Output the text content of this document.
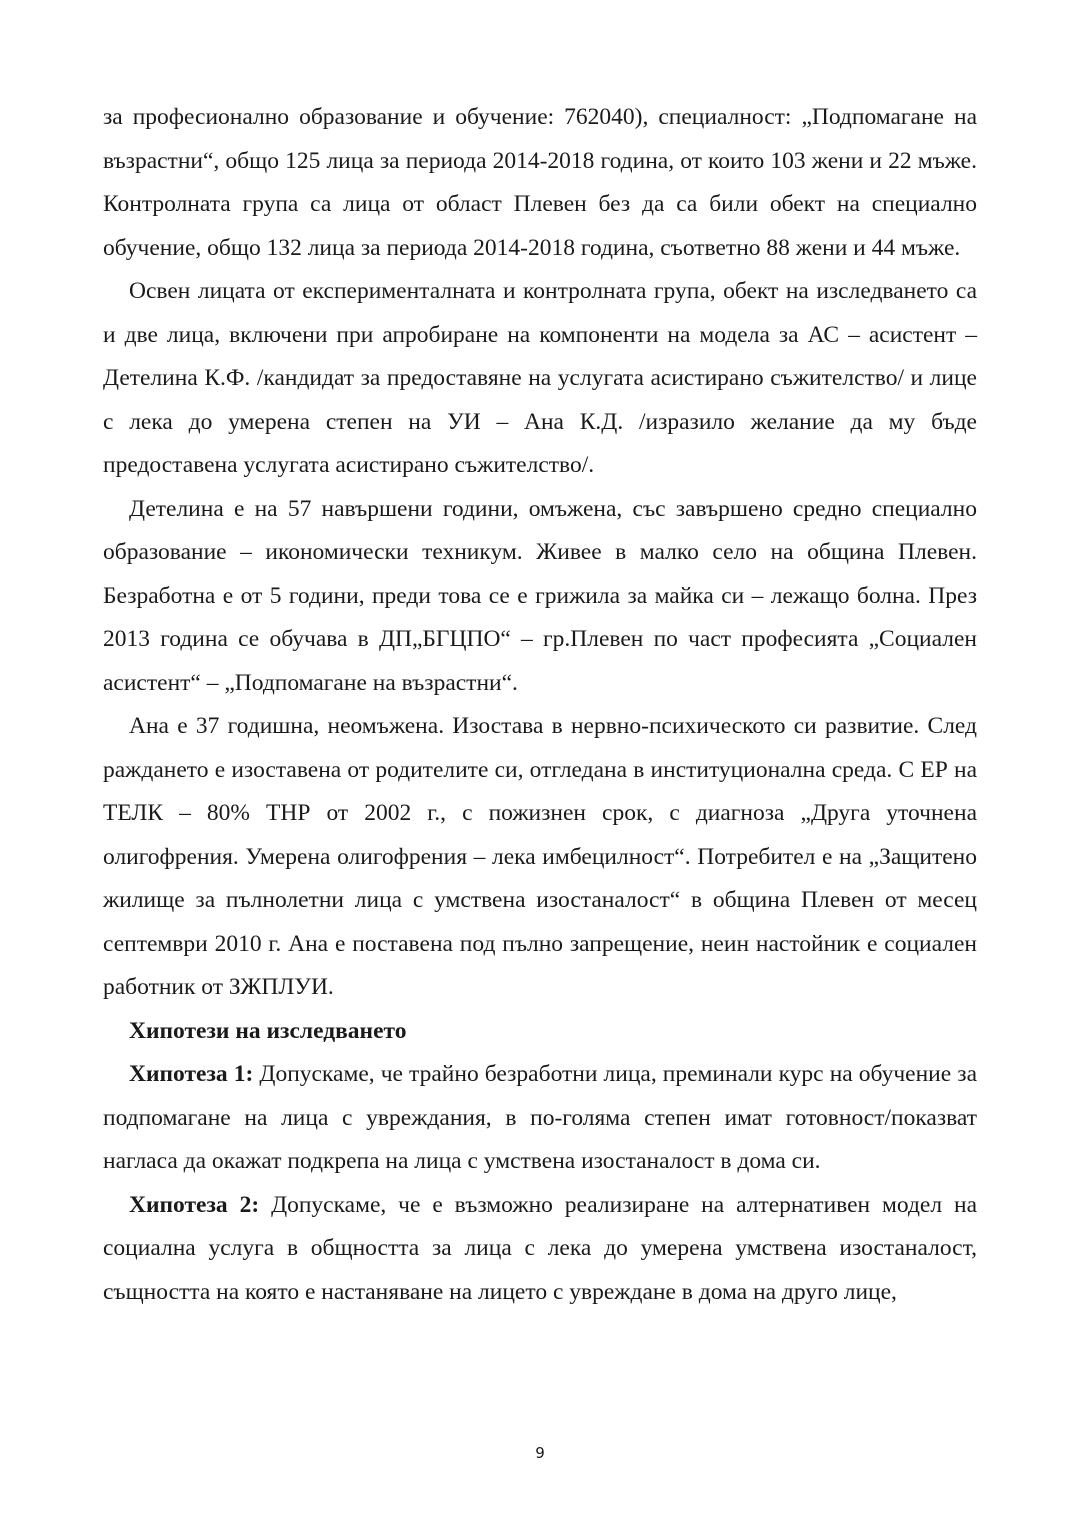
за професионално образование и обучение: 762040), специалност: „Подпомагане на възрастни“, общо 125 лица за периода 2014-2018 година, от които 103 жени и 22 мъже. Контролната група са лица от област Плевен без да са били обект на специално обучение, общо 132 лица за периода 2014-2018 година, съответно 88 жени и 44 мъже.

Освен лицата от експерименталната и контролната група, обект на изследването са и две лица, включени при апробиране на компоненти на модела за АС – асистент – Детелина К.Ф. /кандидат за предоставяне на услугата асистирано съжителство/ и лице с лека до умерена степен на УИ – Ана К.Д. /изразило желание да му бъде предоставена услугата асистирано съжителство/.

Детелина е на 57 навършени години, омъжена, със завършено средно специално образование – икономически техникум. Живее в малко село на община Плевен. Безработна е от 5 години, преди това се е грижила за майка си – лежащо болна. През 2013 година се обучава в ДП„БГЦПО“ – гр.Плевен по част професията „Социален асистент“ – „Подпомагане на възрастни“.

Ана е 37 годишна, неомъжена. Изостава в нервно-психическото си развитие. След раждането е изоставена от родителите си, отгледана в институционална среда. С ЕР на ТЕЛК – 80% ТНР от 2002 г., с пожизнен срок, с диагноза „Друга уточнена олигофрения. Умерена олигофрения – лека имбецилност“. Потребител е на „Защитено жилище за пълнолетни лица с умствена изостаналост“ в община Плевен от месец септември 2010 г. Ана е поставена под пълно запрещение, неин настойник е социален работник от ЗЖПЛУИ.

Хипотези на изследването

Хипотеза 1: Допускаме, че трайно безработни лица, преминали курс на обучение за подпомагане на лица с увреждания, в по-голяма степен имат готовност/показват нагласа да окажат подкрепа на лица с умствена изостаналост в дома си.

Хипотеза 2: Допускаме, че е възможно реализиране на алтернативен модел на социална услуга в общността за лица с лека до умерена умствена изостаналост, същността на която е настаняване на лицето с увреждане в дома на друго лице,

9
